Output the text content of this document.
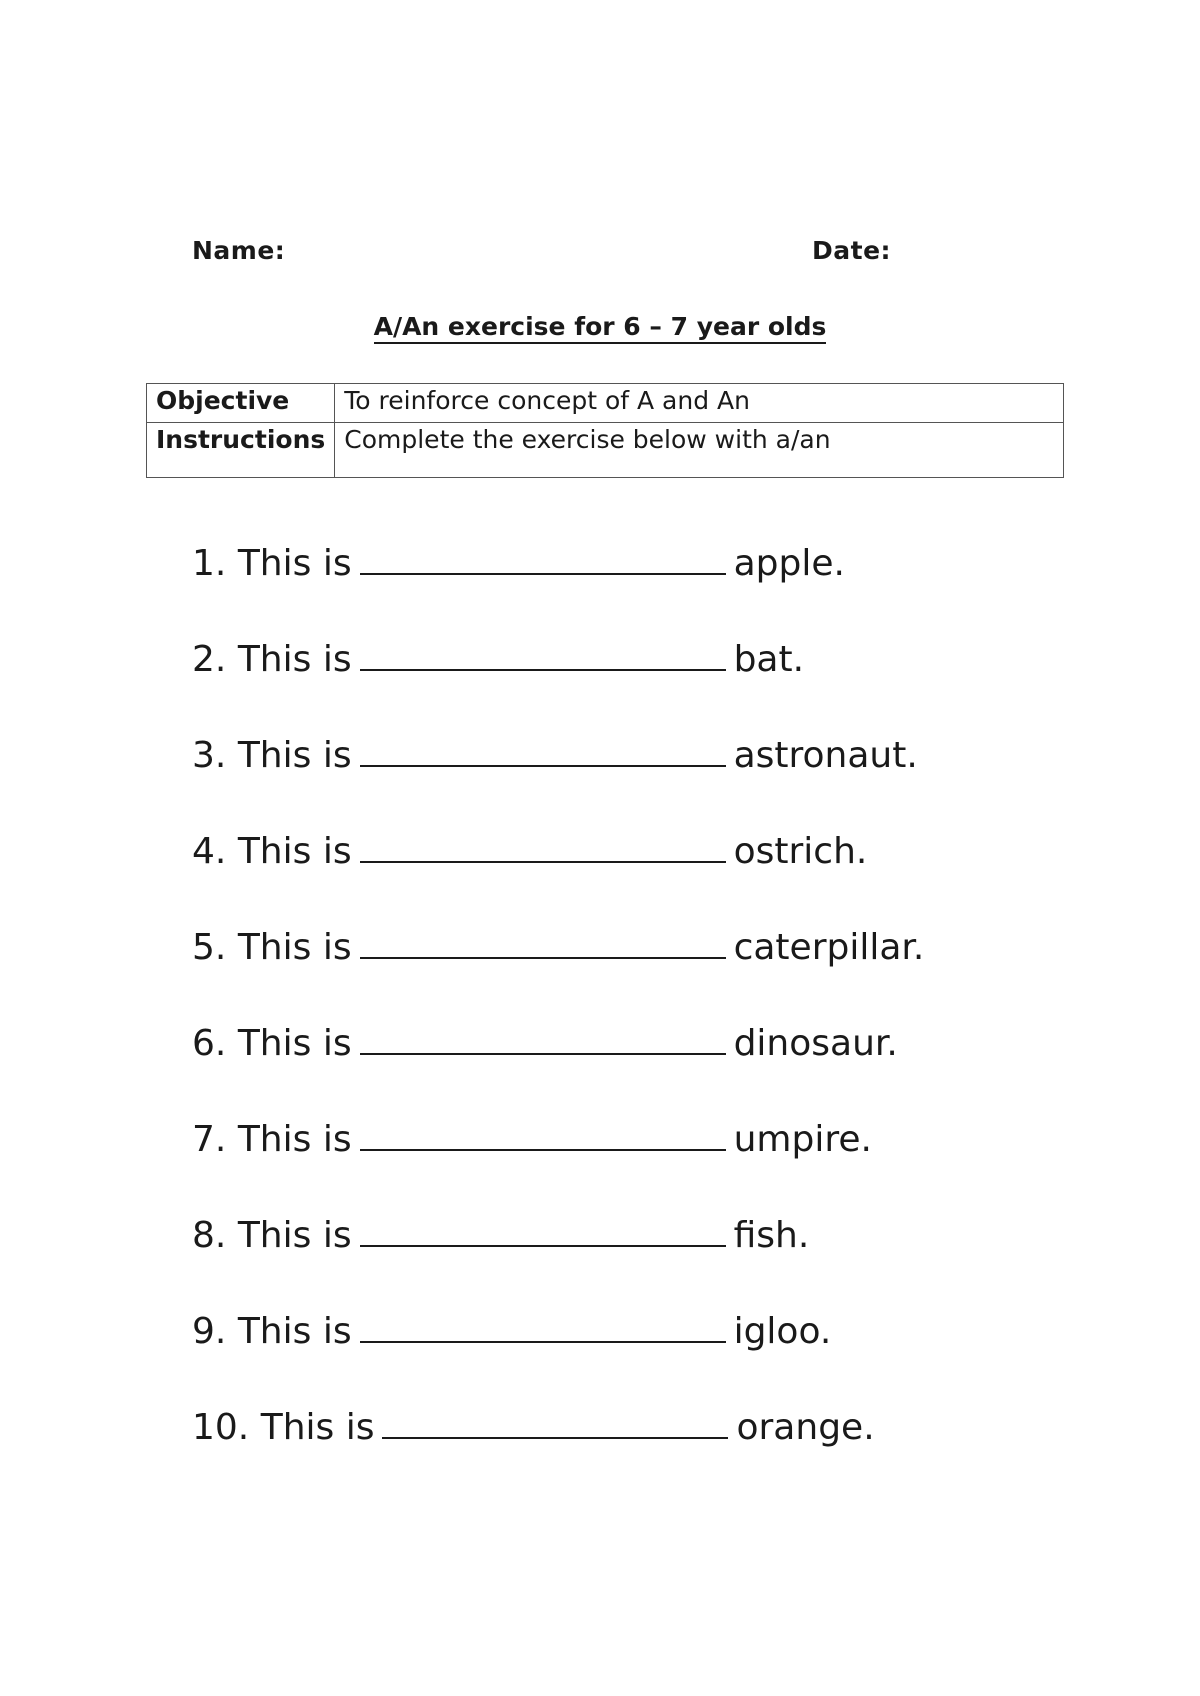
Name:	Date:
A/An exercise for 6 – 7 year olds
Objective	To reinforce concept of A and An
Instructions	Complete the exercise below with a/an
1. This is	apple.
2. This is	bat.
3. This is	astronaut.
4. This is	ostrich.
5. This is	caterpillar.
6. This is	dinosaur.
7. This is	umpire.
8. This is	fish.
9. This is	igloo.
10. This is	orange.
